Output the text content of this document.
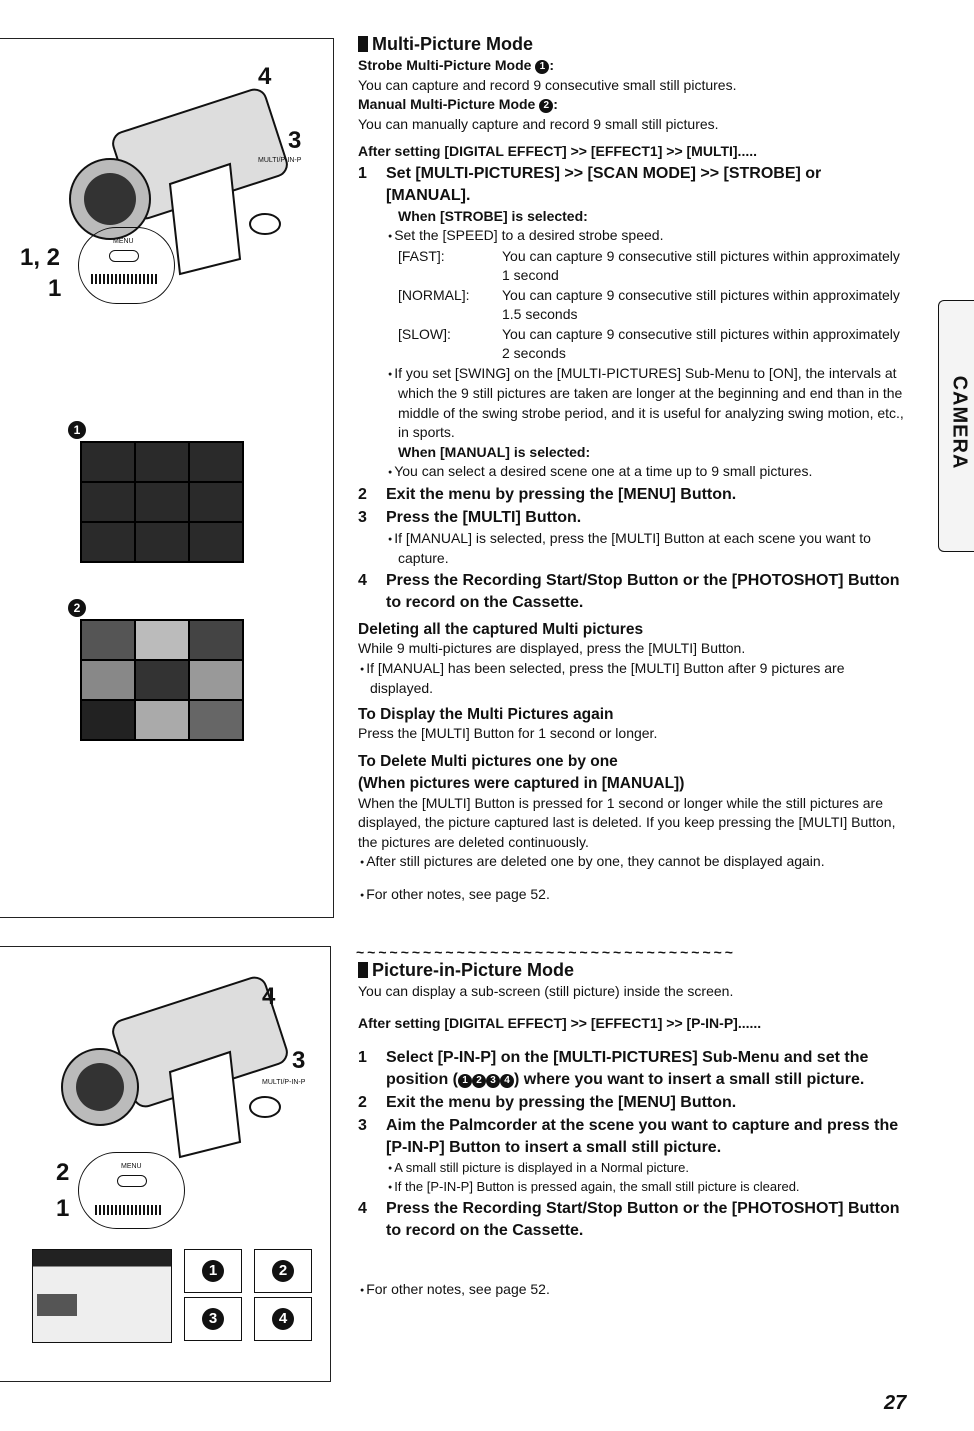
4
3
MULTI/P-IN-P
MENU
1, 2
1
1
2
4
3
MULTI/P-IN-P
MENU
2
1
1	2
3	4
CAMERA
Multi-Picture Mode
Strobe Multi-Picture Mode 1 :
You can capture and record 9 consecutive small still pictures.
Manual Multi-Picture Mode 2 :
You can manually capture and record 9 small still pictures.
After setting [DIGITAL EFFECT] >> [EFFECT1] >> [MULTI].....
1 Set [MULTI-PICTURES] >> [SCAN MODE] >> [STROBE] or [MANUAL].
When [STROBE] is selected:
● Set the [SPEED] to a desired strobe speed.
[FAST]:	You can capture 9 consecutive still pictures within approximately 1 second
[NORMAL]:	You can capture 9 consecutive still pictures within approximately 1.5 seconds
[SLOW]:	You can capture 9 consecutive still pictures within approximately 2 seconds
● If you set [SWING] on the [MULTI-PICTURES] Sub-Menu to [ON], the intervals at which the 9 still pictures are taken are longer at the beginning and end than in the middle of the swing strobe period, and it is useful for analyzing swing motion, etc., in sports.
When [MANUAL] is selected:
● You can select a desired scene one at a time up to 9 small pictures.
2 Exit the menu by pressing the [MENU] Button.
3 Press the [MULTI] Button.
● If [MANUAL] is selected, press the [MULTI] Button at each scene you want to capture.
4 Press the Recording Start/Stop Button or the [PHOTOSHOT] Button to record on the Cassette.
Deleting all the captured Multi pictures
While 9 multi-pictures are displayed, press the [MULTI] Button.
● If [MANUAL] has been selected, press the [MULTI] Button after 9 pictures are displayed.
To Display the Multi Pictures again
Press the [MULTI] Button for 1 second or longer.
To Delete Multi pictures one by one
(When pictures were captured in [MANUAL])
When the [MULTI] Button is pressed for 1 second or longer while the still pictures are displayed, the picture captured last is deleted. If you keep pressing the [MULTI] Button, the pictures are deleted continuously.
● After still pictures are deleted one by one, they cannot be displayed again.
● For other notes, see page 52.
~~~~~~~~~~~~~~~~~~~~~~~~~~~~~~~~~~
Picture-in-Picture Mode
You can display a sub-screen (still picture) inside the screen.
After setting [DIGITAL EFFECT] >> [EFFECT1] >> [P-IN-P]......
1 Select [P-IN-P] on the [MULTI-PICTURES] Sub-Menu and set the position ( 1 2 3 4 ) where you want to insert a small still picture.
2 Exit the menu by pressing the [MENU] Button.
3 Aim the Palmcorder at the scene you want to capture and press the [P-IN-P] Button to insert a small still picture.
● A small still picture is displayed in a Normal picture.
● If the [P-IN-P] Button is pressed again, the small still picture is cleared.
4 Press the Recording Start/Stop Button or the [PHOTOSHOT] Button to record on the Cassette.
● For other notes, see page 52.
27
